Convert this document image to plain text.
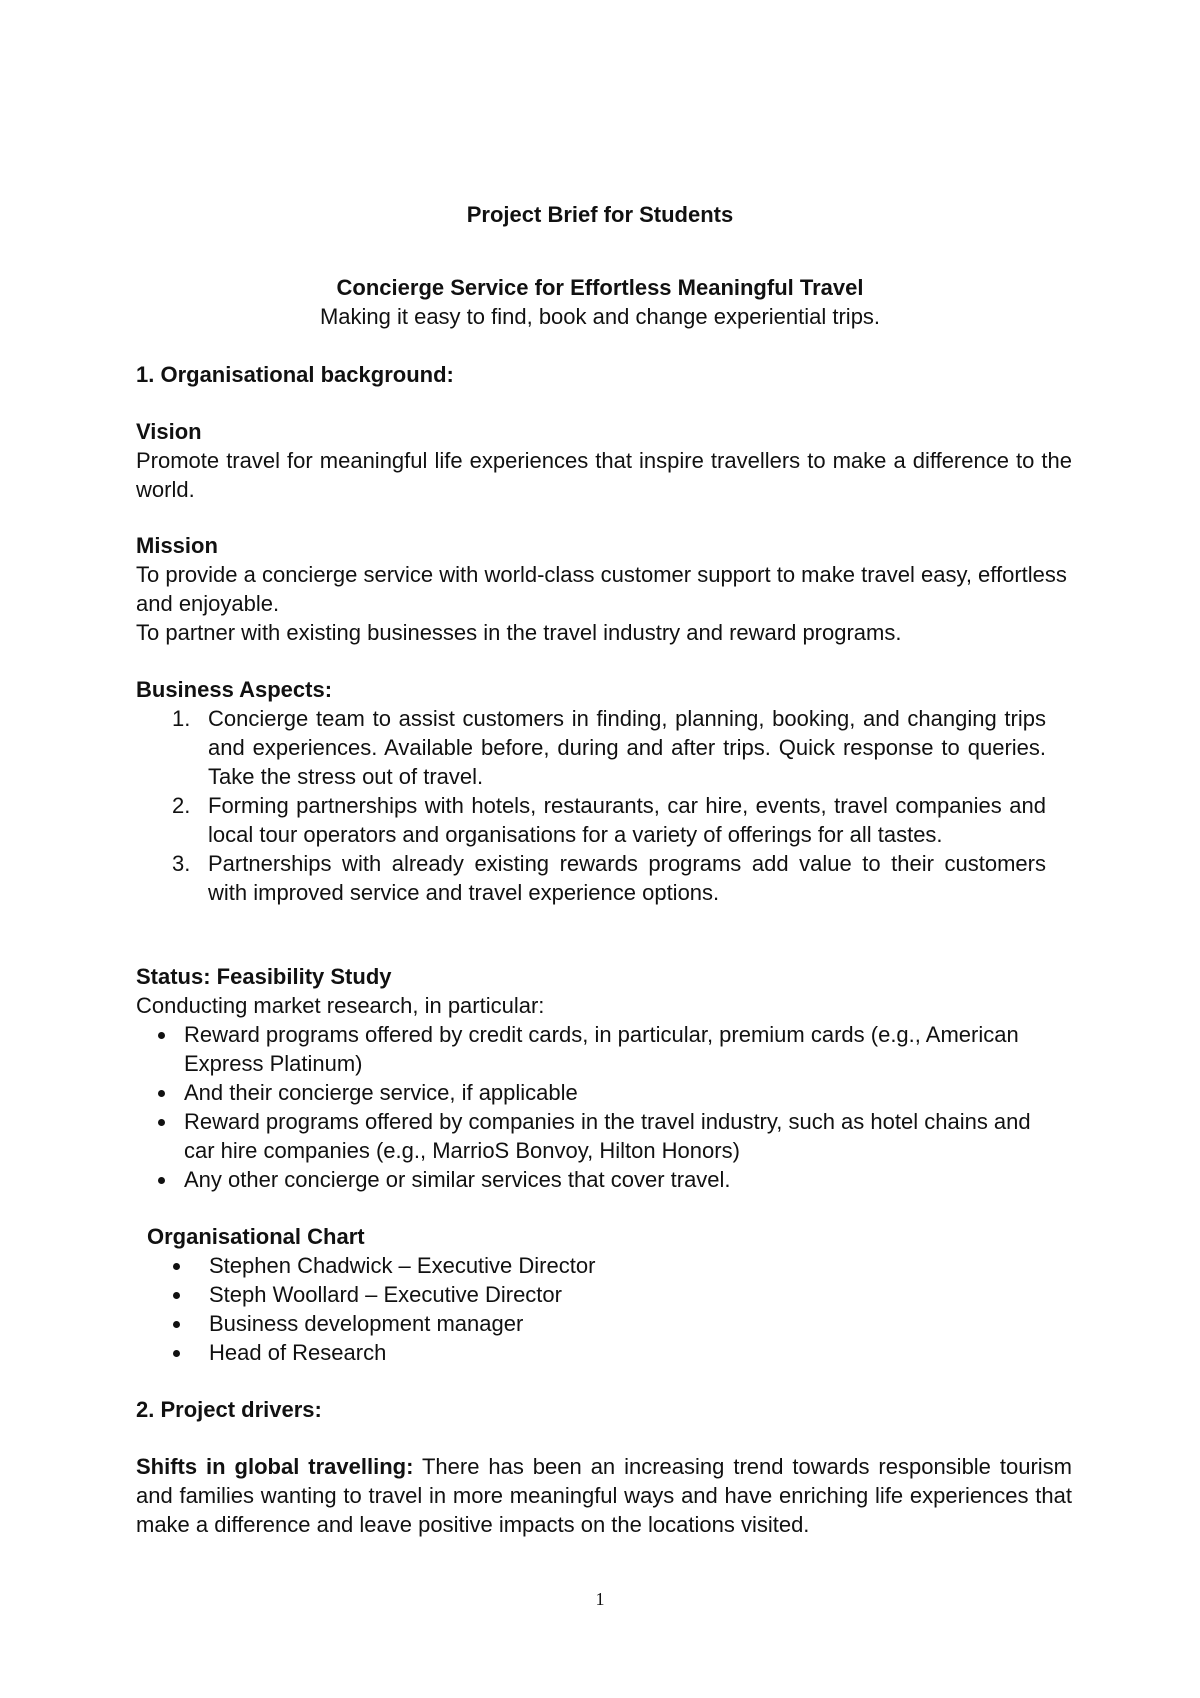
Project Brief for Students
Concierge Service for Effortless Meaningful Travel
Making it easy to find, book and change experiential trips.
1. Organisational background:
Vision
Promote travel for meaningful life experiences that inspire travellers to make a difference to the world.
Mission
To provide a concierge service with world-class customer support to make travel easy, effortless and enjoyable.
To partner with existing businesses in the travel industry and reward programs.
Business Aspects:
1. Concierge team to assist customers in finding, planning, booking, and changing trips and experiences. Available before, during and after trips. Quick response to queries. Take the stress out of travel.
2. Forming partnerships with hotels, restaurants, car hire, events, travel companies and local tour operators and organisations for a variety of offerings for all tastes.
3. Partnerships with already existing rewards programs add value to their customers with improved service and travel experience options.
Status: Feasibility Study
Conducting market research, in particular:
Reward programs offered by credit cards, in particular, premium cards (e.g., American Express Platinum)
And their concierge service, if applicable
Reward programs offered by companies in the travel industry, such as hotel chains and car hire companies (e.g., MarrioS Bonvoy, Hilton Honors)
Any other concierge or similar services that cover travel.
Organisational Chart
Stephen Chadwick – Executive Director
Steph Woollard – Executive Director
Business development manager
Head of Research
2. Project drivers:
Shifts in global travelling: There has been an increasing trend towards responsible tourism and families wanting to travel in more meaningful ways and have enriching life experiences that make a difference and leave positive impacts on the locations visited.
1
